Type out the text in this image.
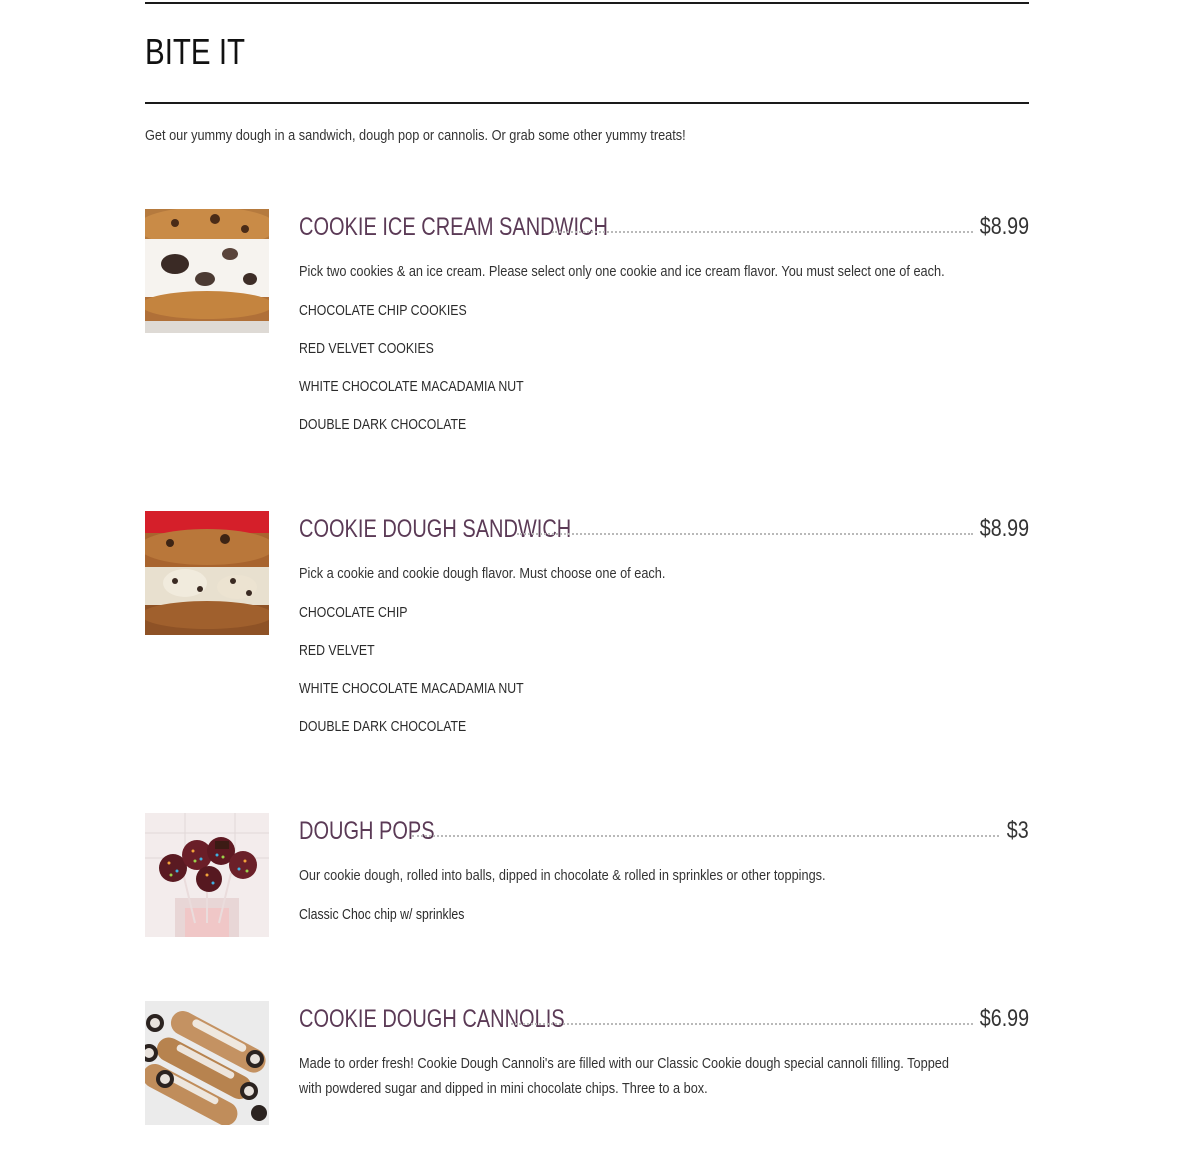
BITE IT

Get our yummy dough in a sandwich, dough pop or cannolis. Or grab some other yummy treats!

COOKIE ICE CREAM SANDWICH	$8.99

Pick two cookies & an ice cream. Please select only one cookie and ice cream flavor. You must select one of each.

CHOCOLATE CHIP COOKIES
RED VELVET COOKIES
WHITE CHOCOLATE MACADAMIA NUT
DOUBLE DARK CHOCOLATE
COOKIE DOUGH SANDWICH	$8.99

Pick a cookie and cookie dough flavor. Must choose one of each.

CHOCOLATE CHIP
RED VELVET
WHITE CHOCOLATE MACADAMIA NUT
DOUBLE DARK CHOCOLATE
DOUGH POPS	$3

Our cookie dough, rolled into balls, dipped in chocolate & rolled in sprinkles or other toppings.

Classic Choc chip w/ sprinkles
COOKIE DOUGH CANNOLIS	$6.99

Made to order fresh! Cookie Dough Cannoli's are filled with our Classic Cookie dough special cannoli filling. Topped with powdered sugar and dipped in mini chocolate chips. Three to a box.
